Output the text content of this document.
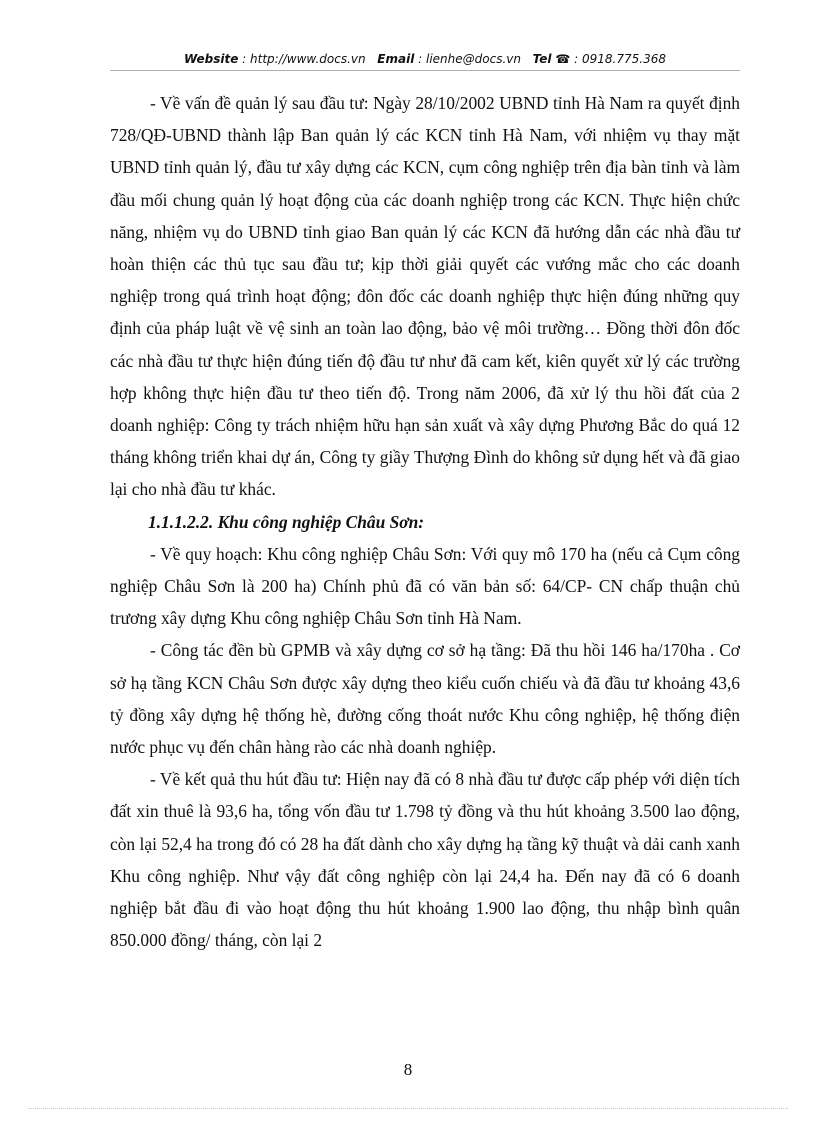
Website : http://www.docs.vn Email : lienhe@docs.vn Tel ☎ : 0918.775.368

- Về vấn đề quản lý sau đầu tư: Ngày 28/10/2002 UBND tỉnh Hà Nam ra quyết định 728/QĐ-UBND thành lập Ban quản lý các KCN tỉnh Hà Nam, với nhiệm vụ thay mặt UBND tỉnh quản lý, đầu tư xây dựng các KCN, cụm công nghiệp trên địa bàn tỉnh và làm đầu mối chung quản lý hoạt động của các doanh nghiệp trong các KCN. Thực hiện chức năng, nhiệm vụ do UBND tỉnh giao Ban quản lý các KCN đã hướng dẫn các nhà đầu tư hoàn thiện các thủ tục sau đầu tư; kịp thời giải quyết các vướng mắc cho các doanh nghiệp trong quá trình hoạt động; đôn đốc các doanh nghiệp thực hiện đúng những quy định của pháp luật về vệ sinh an toàn lao động, bảo vệ môi trường… Đồng thời đôn đốc các nhà đầu tư thực hiện đúng tiến độ đầu tư như đã cam kết, kiên quyết xử lý các trường hợp không thực hiện đầu tư theo tiến độ. Trong năm 2006, đã xử lý thu hồi đất của 2 doanh nghiệp: Công ty trách nhiệm hữu hạn sản xuất và xây dựng Phương Bắc do quá 12 tháng không triển khai dự án, Công ty giầy Thượng Đình do không sử dụng hết và đã giao lại cho nhà đầu tư khác.

1.1.1.2.2. Khu công nghiệp Châu Sơn:

- Về quy hoạch: Khu công nghiệp Châu Sơn: Với quy mô 170 ha (nếu cả Cụm công nghiệp Châu Sơn là 200 ha) Chính phủ đã có văn bản số: 64/CP- CN chấp thuận chủ trương xây dựng Khu công nghiệp Châu Sơn tỉnh Hà Nam.

- Công tác đền bù GPMB và xây dựng cơ sở hạ tầng: Đã thu hồi 146 ha/170ha . Cơ sở hạ tầng KCN Châu Sơn được xây dựng theo kiểu cuốn chiếu và đã đầu tư khoảng 43,6 tỷ đồng xây dựng hệ thống hè, đường cống thoát nước Khu công nghiệp, hệ thống điện nước phục vụ đến chân hàng rào các nhà doanh nghiệp.

- Về kết quả thu hút đầu tư: Hiện nay đã có 8 nhà đầu tư được cấp phép với diện tích đất xin thuê là 93,6 ha, tổng vốn đầu tư 1.798 tỷ đồng và thu hút khoảng 3.500 lao động, còn lại 52,4 ha trong đó có 28 ha đất dành cho xây dựng hạ tầng kỹ thuật và dải canh xanh Khu công nghiệp. Như vậy đất công nghiệp còn lại 24,4 ha. Đến nay đã có 6 doanh nghiệp bắt đầu đi vào hoạt động thu hút khoảng 1.900 lao động, thu nhập bình quân 850.000 đồng/ tháng, còn lại 2

8
